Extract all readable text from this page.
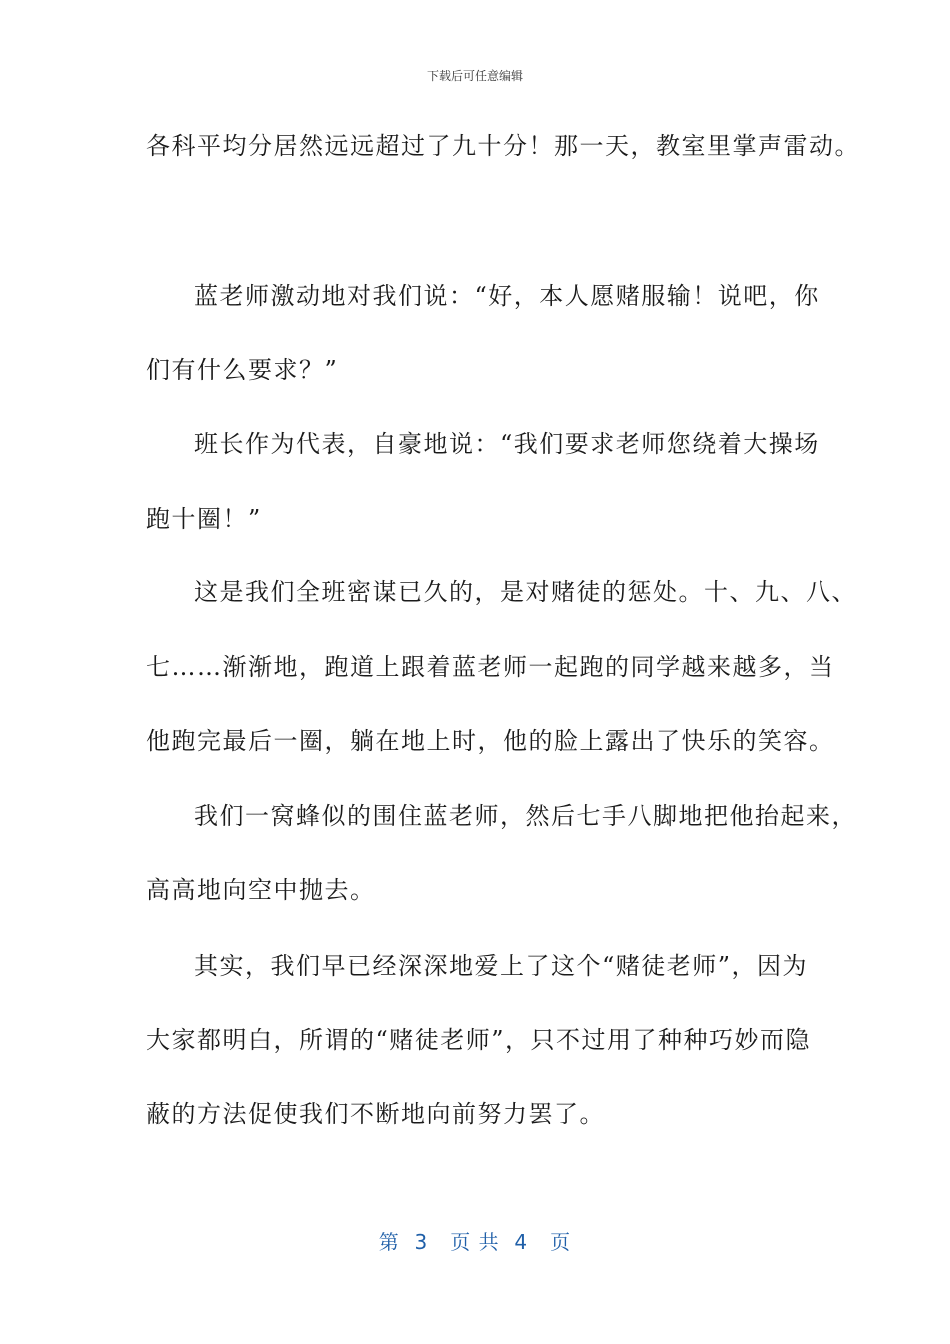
下载后可任意编辑
各科平均分居然远远超过了九十分！那一天，教室里掌声雷动。
蓝老师激动地对我们说：“好，本人愿赌服输！说吧，你
们有什么要求？”
班长作为代表，自豪地说：“我们要求老师您绕着大操场
跑十圈！”
这是我们全班密谋已久的，是对赌徒的惩处。十、九、八、
七……渐渐地，跑道上跟着蓝老师一起跑的同学越来越多，当
他跑完最后一圈，躺在地上时，他的脸上露出了快乐的笑容。
我们一窝蜂似的围住蓝老师，然后七手八脚地把他抬起来，
高高地向空中抛去。
其实，我们早已经深深地爱上了这个“赌徒老师”，因为
大家都明白，所谓的“赌徒老师”，只不过用了种种巧妙而隐
蔽的方法促使我们不断地向前努力罢了。
第  3   页 共  4   页
